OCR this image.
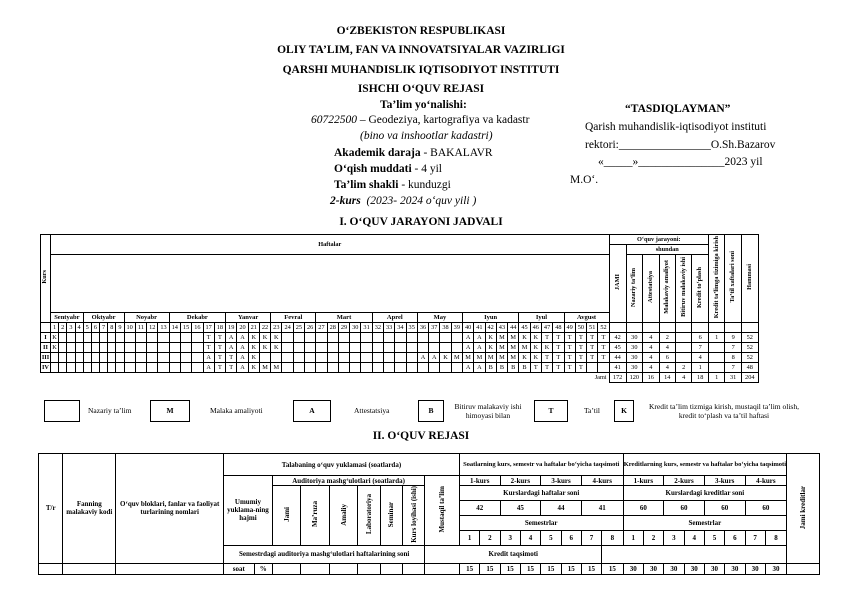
O‘ZBEKISTON RESPUBLIKASI
OLIY TA’LIM, FAN VA INNOVATSIYALAR VAZIRLIGI
QARSHI MUHANDISLIK IQTISODIYOT INSTITUTI
ISHCHI O‘QUV REJASI
Ta’lim yo‘nalishi:
60722500 – Geodeziya, kartografiya va kadastr
(bino va inshootlar kadastri)
Akademik daraja - BAKALAVR
O‘qish muddati - 4 yil
Ta’lim shakli - kunduzgi
2-kurs (2023- 2024 o‘quv yili )
“TASDIQLAYMAN”
Qarish muhandislik-iqtisodiyot instituti
rektori:________________O.Sh.Bazarov
«_____»_______________2023 yil
M.O‘.
I. O‘QUV JARAYONI JADVALI
Kurs	Haftalar																																																				O‘quv jarayoni:						Kredit ta’limga tizimiga kirish	Ta’til xaftalari soni	Hammasi
																																																					JAMI	shundan							
																																																						Nazariy ta’lim	Attestatsiya	Malakaviy amaliyot	Bitiruv malakaviy ishi	Kredit to‘plash			
	Sentyabr				Oktyabr					Noyabr				Dekabr					Yanvar				Fevral				Mart					Aprel				May				Iyun					Iyul				Avgust												
	1	2	3	4	5	6	7	8	9	10	11	12	13	14	15	16	17	18	19	20	21	22	23	24	25	26	27	28	29	30	31	32	33	34	35	36	37	38	39	40	41	42	43	44	45	46	47	48	49	50	51	52									
I	K																T	T	A	A	K	K	K																	A	A	K	M	M	K	K	T	T	T	T	T	T	42	30	4	2		6	1	9	52
II	K																T	T	A	A	K	K	K																	A	A	K	M	M	M	K	K	T	T	T	T	T	45	30	4	4		7		7	52
III																	A	T	T	A	K															A	A	K	M	M	M	M	M	M	K	K	T	T	T	T	T	T	44	30	4	6		4		8	52
IV																	A	T	T	A	K	M	M																	A	A	B	B	B	B	T	T	T	T	T			41	30	4	4	2	1		7	48
Jami																																																					172	120	16	14	4	18	1	31	204
Nazariy ta’lim	M	Malaka amaliyoti	A	Attestatsiya	B	Bitiruv malakaviy ishi himoyasi bilan
T	Ta’til	K	Kredit ta’lim tizmiga kirish, mustaqil ta’lim olish, kredit to‘plash va ta’til haftasi
II. O‘QUV REJASI
T/r	Fanning malakaviy kodi	O‘quv bloklari, fanlar va faoliyat turlarining nomlari	Talabaning o‘quv yuklamasi (soatlarda)									Soatlarning kurs, semestr va haftalar bo‘yicha taqsimoti								Kreditlarning kurs, semestr va haftalar bo‘yicha taqsimoti								Jami kreditlar
			Umumiy yuklama-ning hajmi		Auditoriya mashg‘ulotlari (soatlarda)						Mustaqil ta’lim	1-kurs		2-kurs		3-kurs		4-kurs		1-kurs		2-kurs		3-kurs		4-kurs		
					Jami	Ma’ruza	Amaliy	Laboratoriya	Seminar	Kurs loyihasi (ishi)		Kurslardagi haftalar soni								Kurslardagi kreditlar soni								
												42		45		44		41		60		60		60		60		
												Semestrlar								Semestrlar								
												1	2	3	4	5	6	7	8	1	2	3	4	5	6	7	8	
			Semestrdagi auditoriya mashg‘ulotlari haftalarining soni								Kredit taqsimoti																	
			soat	%								15	15	15	15	15	15	15	15	30	30	30	30	30	30	30	30	
